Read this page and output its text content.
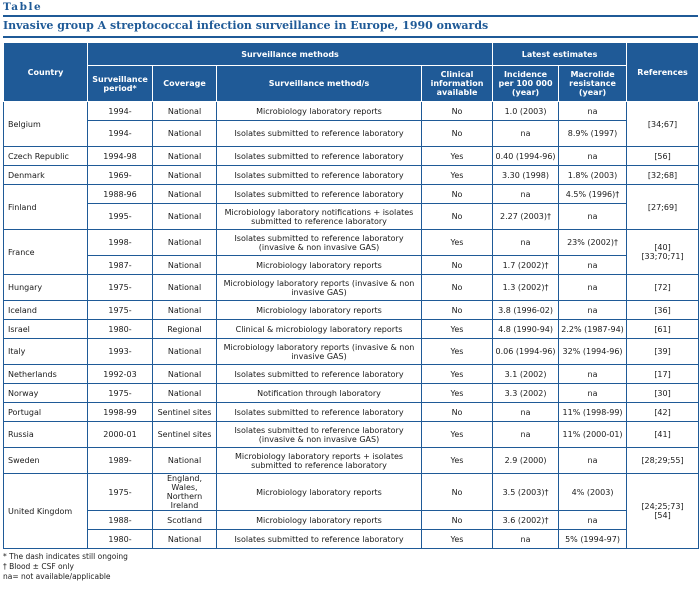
Table
Invasive group A streptococcal infection surveillance in Europe, 1990 onwards
Country	Surveillance methods				Latest estimates		References
	Surveillance period*	Coverage	Surveillance method/s	Clinical information available	Incidence per 100 000 (year)	Macrolide resistance (year)	
Belgium	1994-	National	Microbiology laboratory reports	No	1.0 (2003)	na	[34;67]
	1994-	National	Isolates submitted to reference laboratory	No	na	8.9% (1997)	
Czech Republic	1994-98	National	Isolates submitted to reference laboratory	Yes	0.40 (1994-96)	na	[56]
Denmark	1969-	National	Isolates submitted to reference laboratory	Yes	3.30 (1998)	1.8% (2003)	[32;68]
Finland	1988-96	National	Isolates submitted to reference laboratory	No	na	4.5% (1996)†	[27;69]
	1995-	National	Microbiology laboratory notifications + isolates submitted to reference laboratory	No	2.27 (2003)†	na	
France	1998-	National	Isolates submitted to reference laboratory (invasive & non invasive GAS)	Yes	na	23% (2002)†	[40]
[33;70;71]
	1987-	National	Microbiology laboratory reports	No	1.7 (2002)†	na	
Hungary	1975-	National	Microbiology laboratory reports (invasive & non invasive GAS)	No	1.3 (2002)†	na	[72]
Iceland	1975-	National	Microbiology laboratory reports	No	3.8 (1996-02)	na	[36]
Israel	1980-	Regional	Clinical & microbiology laboratory reports	Yes	4.8 (1990-94)	2.2% (1987-94)	[61]
Italy	1993-	National	Microbiology laboratory reports (invasive & non invasive GAS)	Yes	0.06 (1994-96)	32% (1994-96)	[39]
Netherlands	1992-03	National	Isolates submitted to reference laboratory	Yes	3.1 (2002)	na	[17]
Norway	1975-	National	Notification through laboratory	Yes	3.3 (2002)	na	[30]
Portugal	1998-99	Sentinel sites	Isolates submitted to reference laboratory	No	na	11% (1998-99)	[42]
Russia	2000-01	Sentinel sites	Isolates submitted to reference laboratory (invasive & non invasive GAS)	Yes	na	11% (2000-01)	[41]
Sweden	1989-	National	Microbiology laboratory reports + isolates submitted to reference laboratory	Yes	2.9 (2000)	na	[28;29;55]
United Kingdom	1975-	England, Wales, Northern Ireland	Microbiology laboratory reports	No	3.5 (2003)†	4% (2003)	[24;25;73]
[54]
	1988-	Scotland	Microbiology laboratory reports	No	3.6 (2002)†	na	
	1980-	National	Isolates submitted to reference laboratory	Yes	na	5% (1994-97)	
* The dash indicates still ongoing
† Blood ± CSF only
na= not available/applicable
